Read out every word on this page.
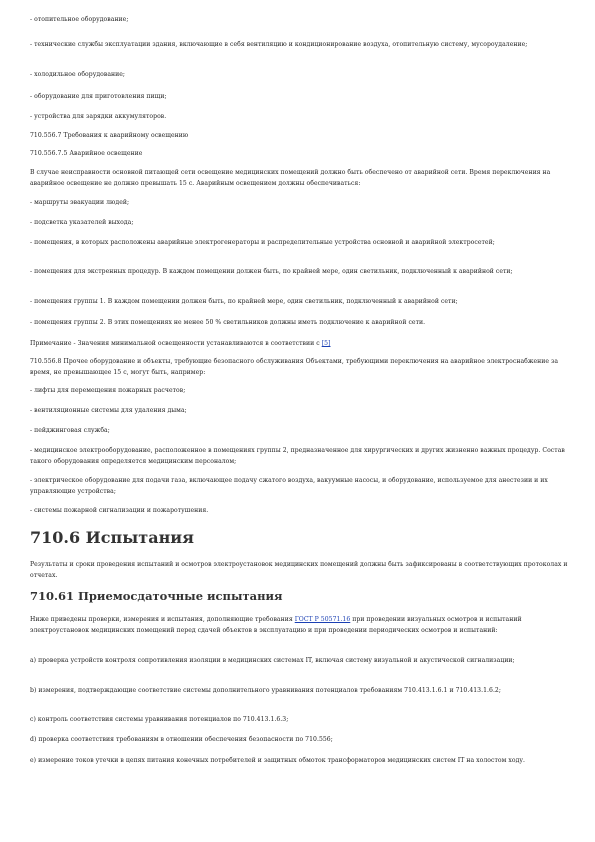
- отопительное оборудование;

- технические службы эксплуатации здания, включающие в себя вентиляцию и кондиционирование воздуха, отопительную систему, мусороудаление;

- холодильное оборудование;

- оборудование для приготовления пищи;

- устройства для зарядки аккумуляторов.

710.556.7 Требования к аварийному освещению

710.556.7.5 Аварийное освещение

В случае неисправности основной питающей сети освещение медицинских помещений должно быть обеспечено от аварийной сети. Время переключения на аварийное освещение не должно превышать 15 с. Аварийным освещением должны обеспечиваться:

- маршруты эвакуации людей;

- подсветка указателей выхода;

- помещения, в которых расположены аварийные электрогенераторы и распределительные устройства основной и аварийной электросетей;

- помещения для экстренных процедур. В каждом помещении должен быть, по крайней мере, один светильник, подключенный к аварийной сети;

- помещения группы 1. В каждом помещении должен быть, по крайней мере, один светильник, подключенный к аварийной сети;

- помещения группы 2. В этих помещениях не менее 50 % светильников должны иметь подключение к аварийной сети.

Примечание - Значения минимальной освещенности устанавливаются в соответствии с [5]

710.556.8 Прочее оборудование и объекты, требующие безопасного обслуживания Объектами, требующими переключения на аварийное электроснабжение за время, не превышающее 15 с, могут быть, например:

- лифты для перемещения пожарных расчетов;

- вентиляционные системы для удаления дыма;

- пейджинговая служба;

- медицинское электрооборудование, расположенное в помещениях группы 2, предназначенное для хирургических и других жизненно важных процедур. Состав такого оборудования определяется медицинским персоналом;

- электрическое оборудование для подачи газа, включающее подачу сжатого воздуха, вакуумные насосы, и оборудование, используемое для анестезии и их управляющие устройства;

- системы пожарной сигнализации и пожаротушения.

710.6 Испытания

Результаты и сроки проведения испытаний и осмотров электроустановок медицинских помещений должны быть зафиксированы в соответствующих протоколах и отчетах.

710.61 Приемосдаточные испытания

Ниже приведены проверки, измерения и испытания, дополняющие требования ГОСТ Р 50571.16 при проведении визуальных осмотров и испытаний электроустановок медицинских помещений перед сдачей объектов в эксплуатацию и при проведении периодических осмотров и испытаний:

a) проверка устройств контроля сопротивления изоляции в медицинских системах IT, включая систему визуальной и акустической сигнализации;

b) измерения, подтверждающие соответствие системы дополнительного уравнивания потенциалов требованиям 710.413.1.6.1 и 710.413.1.6.2;

c) контроль соответствия системы уравнивания потенциалов по 710.413.1.6.3;

d) проверка соответствия требованиям в отношении обеспечения безопасности по 710.556;

e) измерение токов утечки в цепях питания конечных потребителей и защитных обмоток трансформаторов медицинских систем IT на холостом ходу.
